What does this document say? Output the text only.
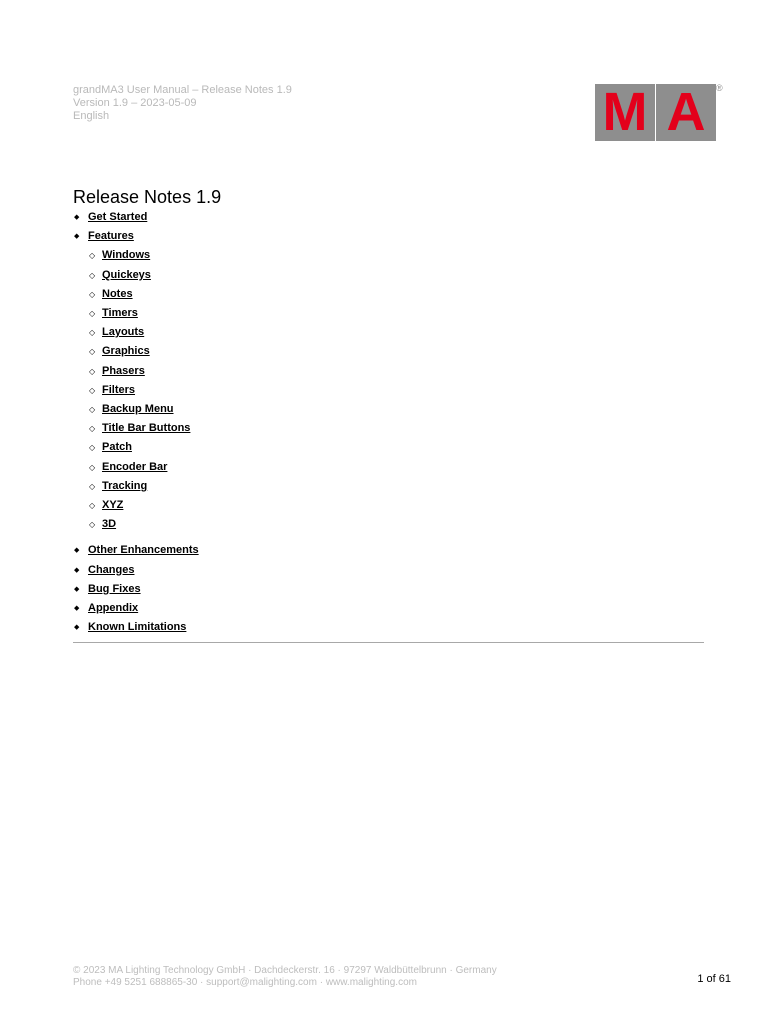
grandMA3 User Manual – Release Notes 1.9
Version 1.9 – 2023-05-09
English	M A	®
Release Notes 1.9
◆ Get Started
◆ Features
◇ Windows
◇ Quickeys
◇ Notes
◇ Timers
◇ Layouts
◇ Graphics
◇ Phasers
◇ Filters
◇ Backup Menu
◇ Title Bar Buttons
◇ Patch
◇ Encoder Bar
◇ Tracking
◇ XYZ
◇ 3D
◆ Other Enhancements
◆ Changes
◆ Bug Fixes
◆ Appendix
◆ Known Limitations
© 2023 MA Lighting Technology GmbH · Dachdeckerstr. 16 · 97297 Waldbüttelbrunn · Germany
Phone +49 5251 688865-30 · support@malighting.com · www.malighting.com	1 of 61
